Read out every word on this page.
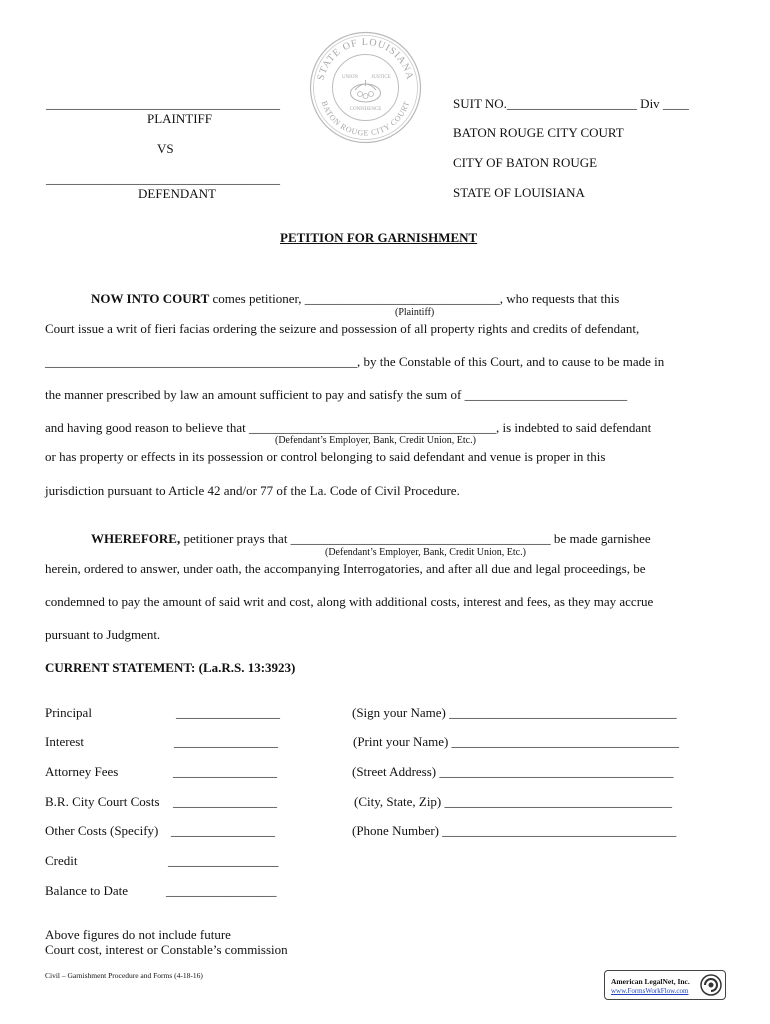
STATE OF LOUISIANA
BATON ROUGE CITY COURT
UNION	JUSTICE
CONFIDENCE
____________________________________
PLAINTIFF
VS
____________________________________
DEFENDANT
SUIT NO.____________________ Div ____
BATON ROUGE CITY COURT
CITY OF BATON ROUGE
STATE OF LOUISIANA
PETITION FOR GARNISHMENT
NOW INTO COURT comes petitioner, ______________________________, who requests that this
(Plaintiff)
Court issue a writ of fieri facias ordering the seizure and possession of all property rights and credits of defendant,
________________________________________________, by the Constable of this Court, and to cause to be made in
the manner prescribed by law an amount sufficient to pay and satisfy the sum of _________________________
and having good reason to believe that ______________________________________, is indebted to said defendant
(Defendant’s Employer, Bank, Credit Union, Etc.)
or has property or effects in its possession or control belonging to said defendant and venue is proper in this
jurisdiction pursuant to Article 42 and/or 77 of the La. Code of Civil Procedure.
WHEREFORE, petitioner prays that ________________________________________ be made garnishee
(Defendant’s Employer, Bank, Credit Union, Etc.)
herein, ordered to answer, under oath, the accompanying Interrogatories, and after all due and legal proceedings, be
condemned to pay the amount of said writ and cost, along with additional costs, interest and fees, as they may accrue
pursuant to Judgment.
CURRENT STATEMENT: (La.R.S. 13:3923)
Principal	________________
Interest	________________
Attorney Fees	________________
B.R. City Court Costs ________________
Other Costs (Specify) ________________
Credit	_________________
Balance to Date	_________________
(Sign your Name) ___________________________________
(Print your Name) ___________________________________
(Street Address) ____________________________________
(City, State, Zip) ___________________________________
(Phone Number) ____________________________________
Above figures do not include future
Court cost, interest or Constable’s commission
Civil – Garnishment Procedure and Forms (4-18-16)
American LegalNet, Inc.
www.FormsWorkFlow.com
